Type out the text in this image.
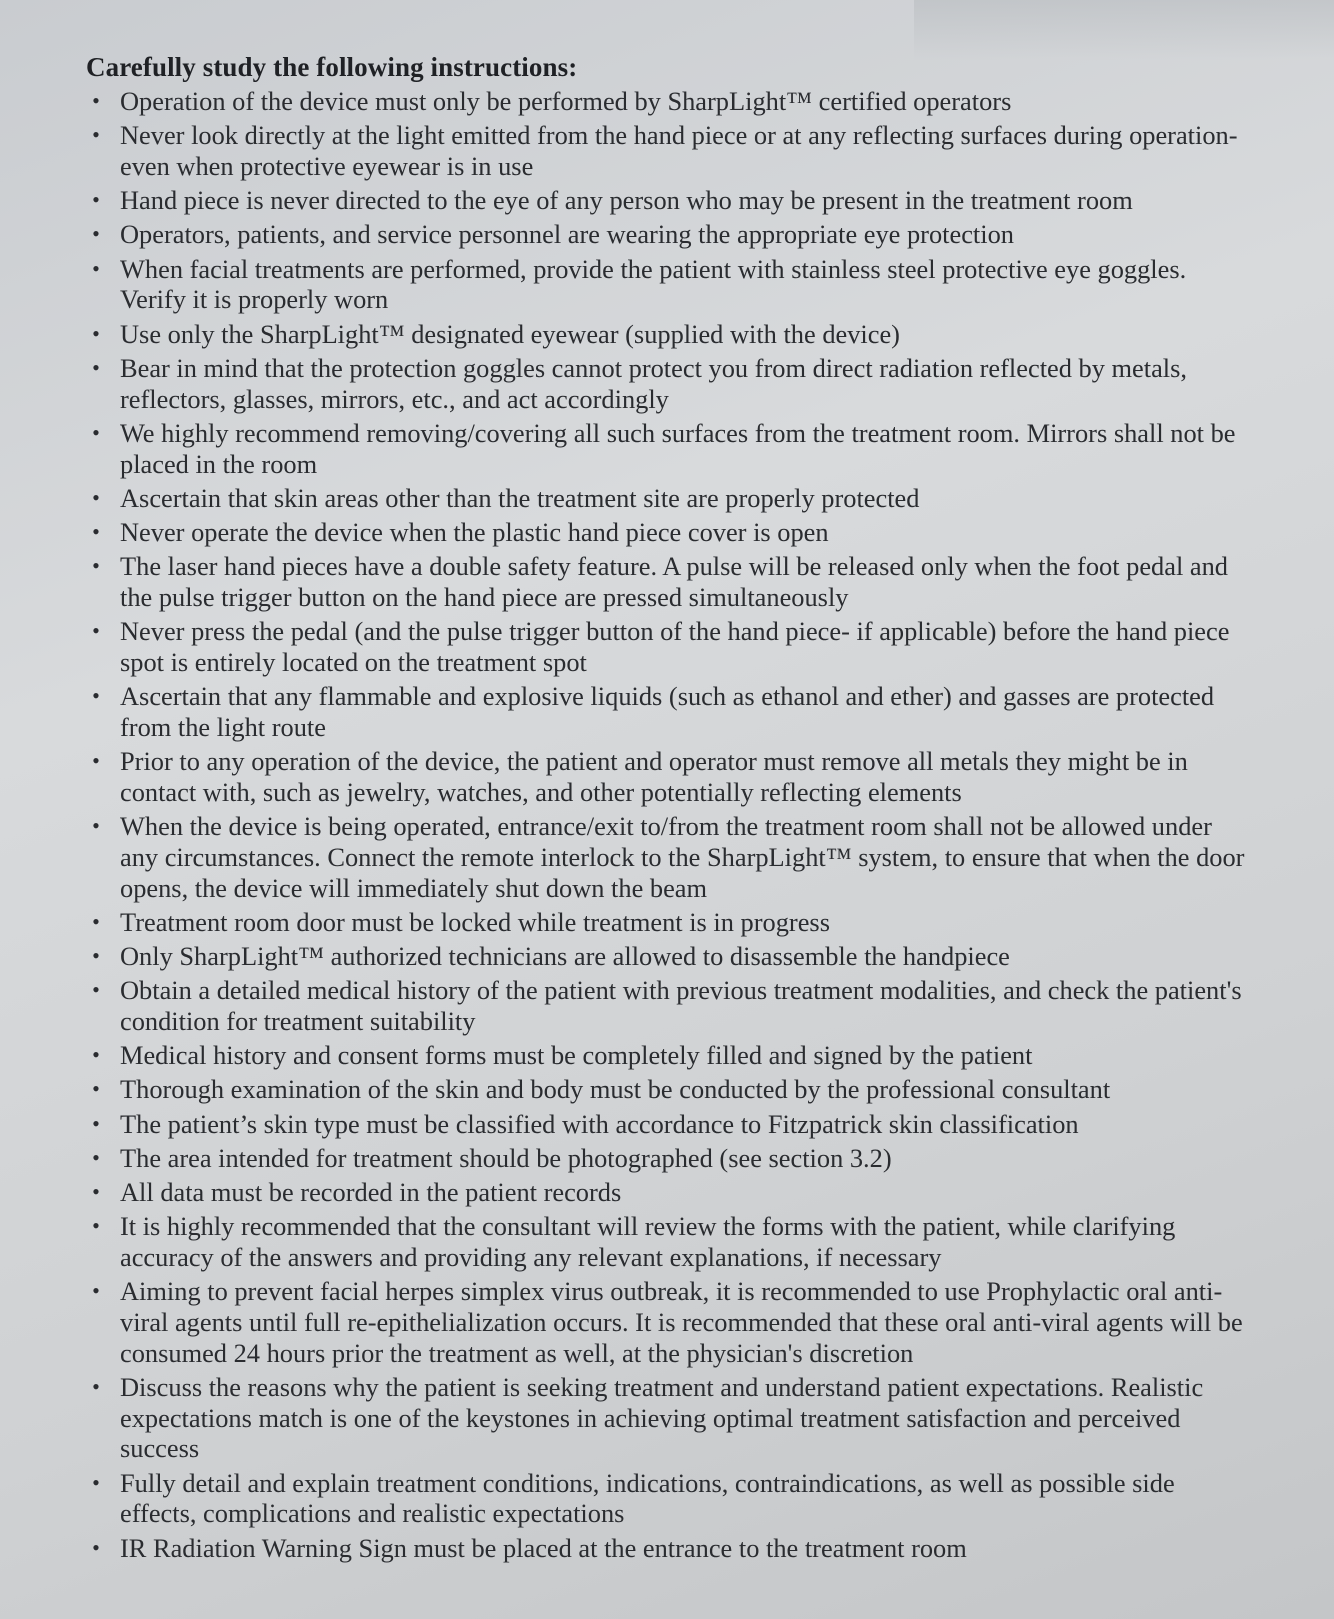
Carefully study the following instructions:
• Operation of the device must only be performed by SharpLight™ certified operators
• Never look directly at the light emitted from the hand piece or at any reflecting surfaces during operation- even when protective eyewear is in use
• Hand piece is never directed to the eye of any person who may be present in the treatment room
• Operators, patients, and service personnel are wearing the appropriate eye protection
• When facial treatments are performed, provide the patient with stainless steel protective eye goggles. Verify it is properly worn
• Use only the SharpLight™ designated eyewear (supplied with the device)
• Bear in mind that the protection goggles cannot protect you from direct radiation reflected by metals, reflectors, glasses, mirrors, etc., and act accordingly
• We highly recommend removing/covering all such surfaces from the treatment room. Mirrors shall not be placed in the room
• Ascertain that skin areas other than the treatment site are properly protected
• Never operate the device when the plastic hand piece cover is open
• The laser hand pieces have a double safety feature. A pulse will be released only when the foot pedal and the pulse trigger button on the hand piece are pressed simultaneously
• Never press the pedal (and the pulse trigger button of the hand piece- if applicable) before the hand piece spot is entirely located on the treatment spot
• Ascertain that any flammable and explosive liquids (such as ethanol and ether) and gasses are protected from the light route
• Prior to any operation of the device, the patient and operator must remove all metals they might be in contact with, such as jewelry, watches, and other potentially reflecting elements
• When the device is being operated, entrance/exit to/from the treatment room shall not be allowed under any circumstances. Connect the remote interlock to the SharpLight™ system, to ensure that when the door opens, the device will immediately shut down the beam
• Treatment room door must be locked while treatment is in progress
• Only SharpLight™ authorized technicians are allowed to disassemble the handpiece
• Obtain a detailed medical history of the patient with previous treatment modalities, and check the patient's condition for treatment suitability
• Medical history and consent forms must be completely filled and signed by the patient
• Thorough examination of the skin and body must be conducted by the professional consultant
• The patient’s skin type must be classified with accordance to Fitzpatrick skin classification
• The area intended for treatment should be photographed (see section 3.2)
• All data must be recorded in the patient records
• It is highly recommended that the consultant will review the forms with the patient, while clarifying accuracy of the answers and providing any relevant explanations, if necessary
• Aiming to prevent facial herpes simplex virus outbreak, it is recommended to use Prophylactic oral anti-viral agents until full re-epithelialization occurs. It is recommended that these oral anti-viral agents will be consumed 24 hours prior the treatment as well, at the physician's discretion
• Discuss the reasons why the patient is seeking treatment and understand patient expectations. Realistic expectations match is one of the keystones in achieving optimal treatment satisfaction and perceived success
• Fully detail and explain treatment conditions, indications, contraindications, as well as possible side effects, complications and realistic expectations
• IR Radiation Warning Sign must be placed at the entrance to the treatment room
